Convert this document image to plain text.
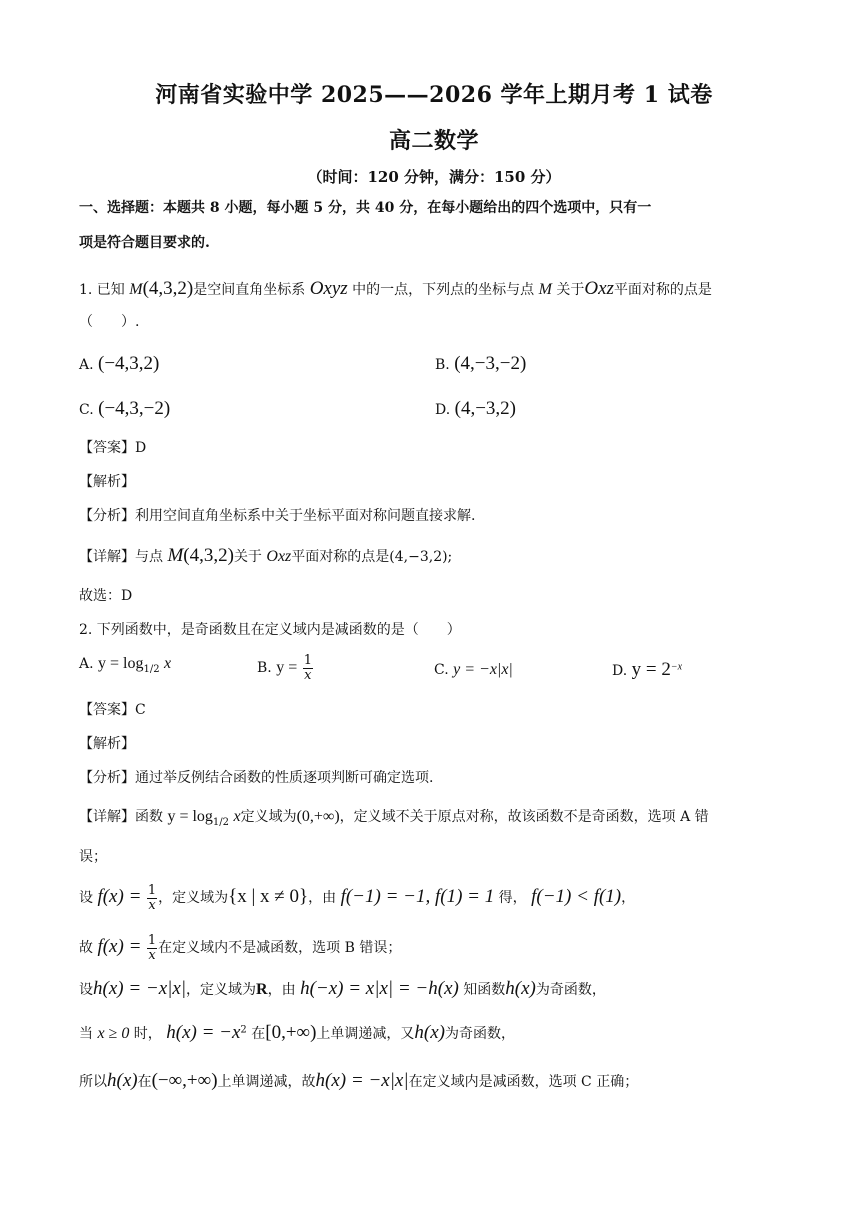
河南省实验中学 2025——2026 学年上期月考 1 试卷
高二数学
（时间：120 分钟，满分：150 分）
一、选择题：本题共 8 小题，每小题 5 分，共 40 分，在每小题给出的四个选项中，只有一
项是符合题目要求的.
1. 已知 M(4,3,2)是空间直角坐标系 Oxyz 中的一点，下列点的坐标与点 M 关于Oxz平面对称的点是
（　　）.
A. (−4,3,2)	B. (4,−3,−2)
C. (−4,3,−2)	D. (4,−3,2)
【答案】D
【解析】
【分析】利用空间直角坐标系中关于坐标平面对称问题直接求解.
【详解】与点 M(4,3,2)关于 Oxz平面对称的点是(4,−3,2);
故选：D
2. 下列函数中，是奇函数且在定义域内是减函数的是（　　）
A. $y = \log_{1/2} x$	B. $y = \frac{1}{x}$	C. y = −x|x|	D. $y = 2^{-x}$
【答案】C
【解析】
【分析】通过举反例结合函数的性质逐项判断可确定选项.
【详解】函数 $y = \log_{1/2} x$定义域为(0,+∞)，定义域不关于原点对称，故该函数不是奇函数，选项 A 错
误；
设 $f(x) = \frac{1}{x}$ ，定义域为{x | x ≠ 0}，由 f(−1) = −1, f(1) = 1 得， f(−1) < f(1)，
故 $f(x) = \frac{1}{x}$ 在定义域内不是减函数，选项 B 错误；
设h(x) = −x|x|，定义域为R，由 h(−x) = x|x| = −h(x) 知函数h(x)为奇函数，
当 x ≥ 0 时， $h(x) = -x^2$ 在[0,+∞)上单调递减，又h(x)为奇函数，
所以h(x)在(−∞,+∞)上单调递减，故h(x) = −x|x|在定义域内是减函数，选项 C 正确；
